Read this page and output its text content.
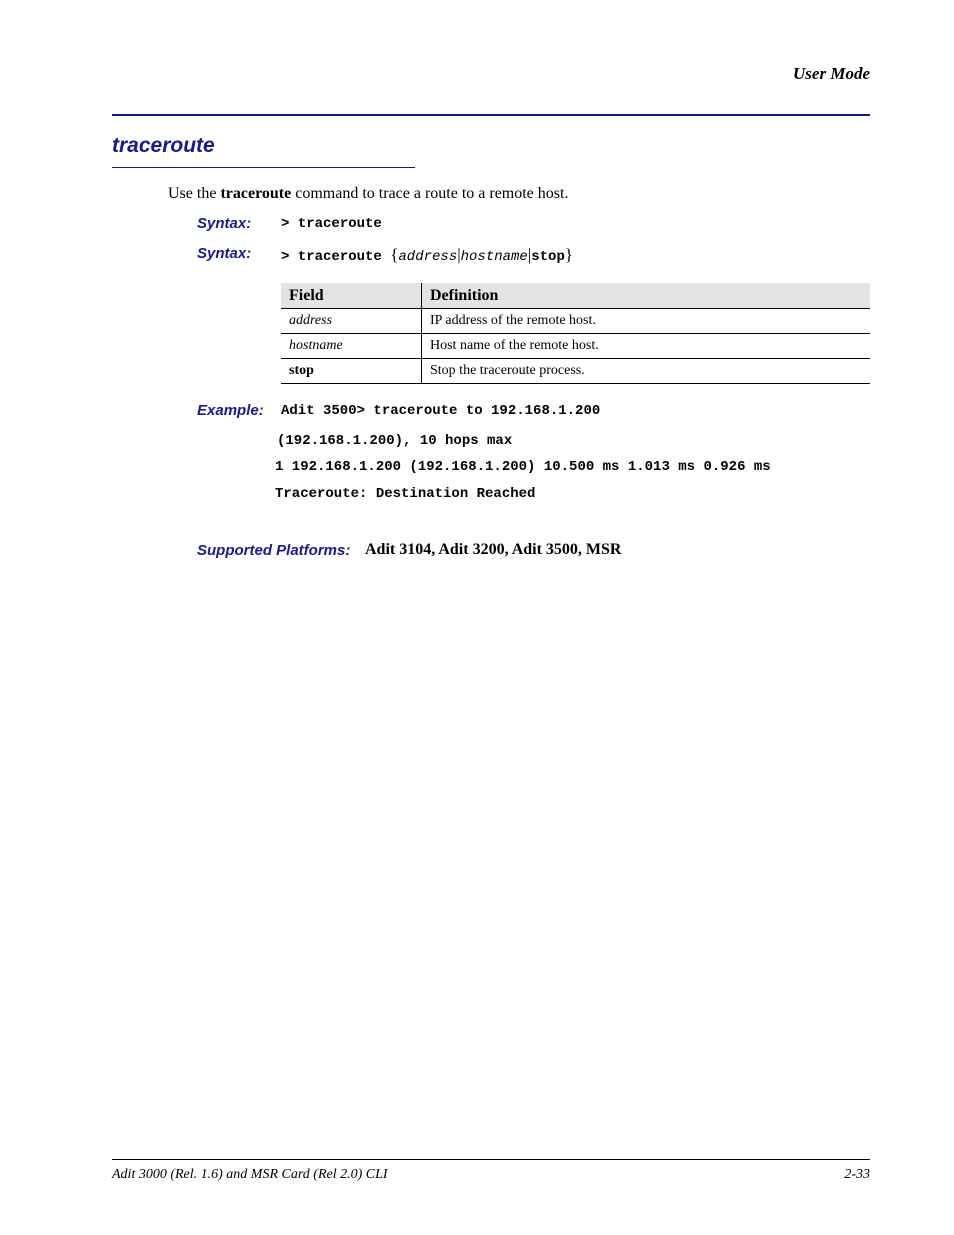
User Mode
traceroute
Use the traceroute command to trace a route to a remote host.
Syntax: > traceroute
Syntax: > traceroute {address|hostname|stop}
Field	Definition
address	IP address of the remote host.
hostname	Host name of the remote host.
stop	Stop the traceroute process.
Example: Adit 3500> traceroute to 192.168.1.200
(192.168.1.200), 10 hops max
1 192.168.1.200 (192.168.1.200) 10.500 ms 1.013 ms 0.926 ms
Traceroute: Destination Reached
Supported Platforms: Adit 3104, Adit 3200, Adit 3500, MSR
Adit 3000 (Rel. 1.6) and MSR Card (Rel 2.0) CLI	2-33
